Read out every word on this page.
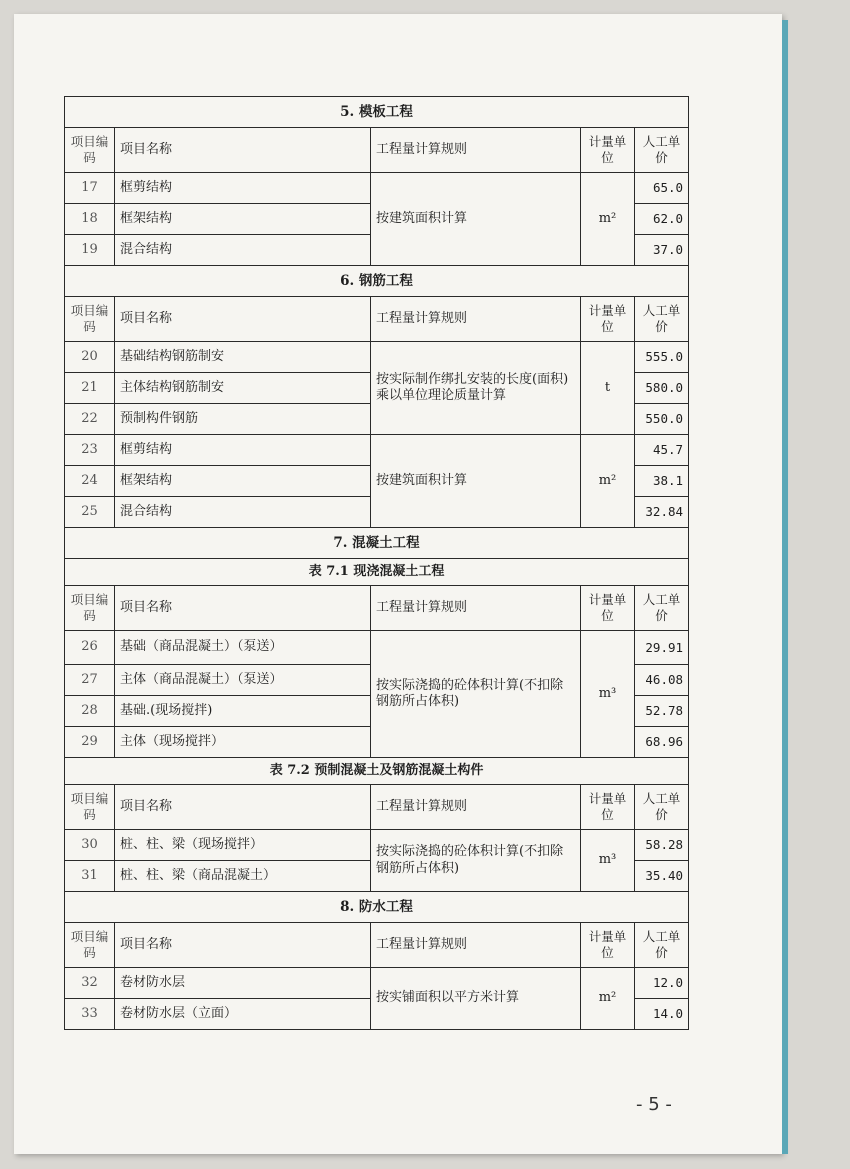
5. 模板工程				
项目编码	项目名称	工程量计算规则	计量单位	人工单价
17	框剪结构	按建筑面积计算	m²	65.0
18	框架结构			62.0
19	混合结构			37.0
6. 钢筋工程				
项目编码	项目名称	工程量计算规则	计量单位	人工单价
20	基础结构钢筋制安	按实际制作绑扎安装的长度(面积)乘以单位理论质量计算	t	555.0
21	主体结构钢筋制安			580.0
22	预制构件钢筋			550.0
23	框剪结构	按建筑面积计算	m²	45.7
24	框架结构			38.1
25	混合结构			32.84
7. 混凝土工程				
表 7.1 现浇混凝土工程				
项目编码	项目名称	工程量计算规则	计量单位	人工单价
26	基础（商品混凝土）（泵送）	按实际浇捣的砼体积计算(不扣除钢筋所占体积)	m³	29.91
27	主体（商品混凝土）（泵送）			46.08
28	基础.(现场搅拌)			52.78
29	主体（现场搅拌）			68.96
表 7.2 预制混凝土及钢筋混凝土构件				
项目编码	项目名称	工程量计算规则	计量单位	人工单价
30	桩、柱、梁（现场搅拌）	按实际浇捣的砼体积计算(不扣除钢筋所占体积)	m³	58.28
31	桩、柱、梁（商品混凝土）			35.40
8. 防水工程				
项目编码	项目名称	工程量计算规则	计量单位	人工单价
32	卷材防水层	按实铺面积以平方米计算	m²	12.0
33	卷材防水层（立面）			14.0
- 5 -
